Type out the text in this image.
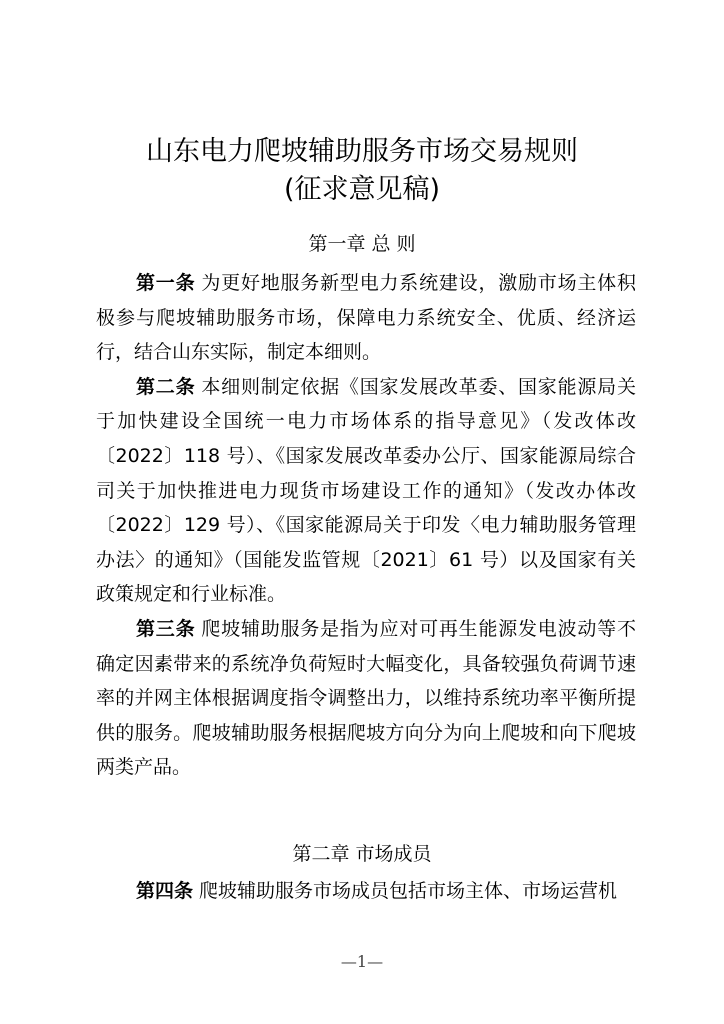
山东电力爬坡辅助服务市场交易规则
(征求意见稿)
第一章 总 则

第一条 为更好地服务新型电力系统建设，激励市场主体积极参与爬坡辅助服务市场，保障电力系统安全、优质、经济运行，结合山东实际，制定本细则。

第二条 本细则制定依据《国家发展改革委、国家能源局关于加快建设全国统一电力市场体系的指导意见》（发改体改〔2022〕118 号）、《国家发展改革委办公厅、国家能源局综合司关于加快推进电力现货市场建设工作的通知》（发改办体改〔2022〕129 号）、《国家能源局关于印发〈电力辅助服务管理办法〉的通知》（国能发监管规〔2021〕61 号）以及国家有关政策规定和行业标准。

第三条 爬坡辅助服务是指为应对可再生能源发电波动等不确定因素带来的系统净负荷短时大幅变化，具备较强负荷调节速率的并网主体根据调度指令调整出力，以维持系统功率平衡所提供的服务。爬坡辅助服务根据爬坡方向分为向上爬坡和向下爬坡两类产品。

第二章 市场成员

第四条 爬坡辅助服务市场成员包括市场主体、市场运营机

—1—
